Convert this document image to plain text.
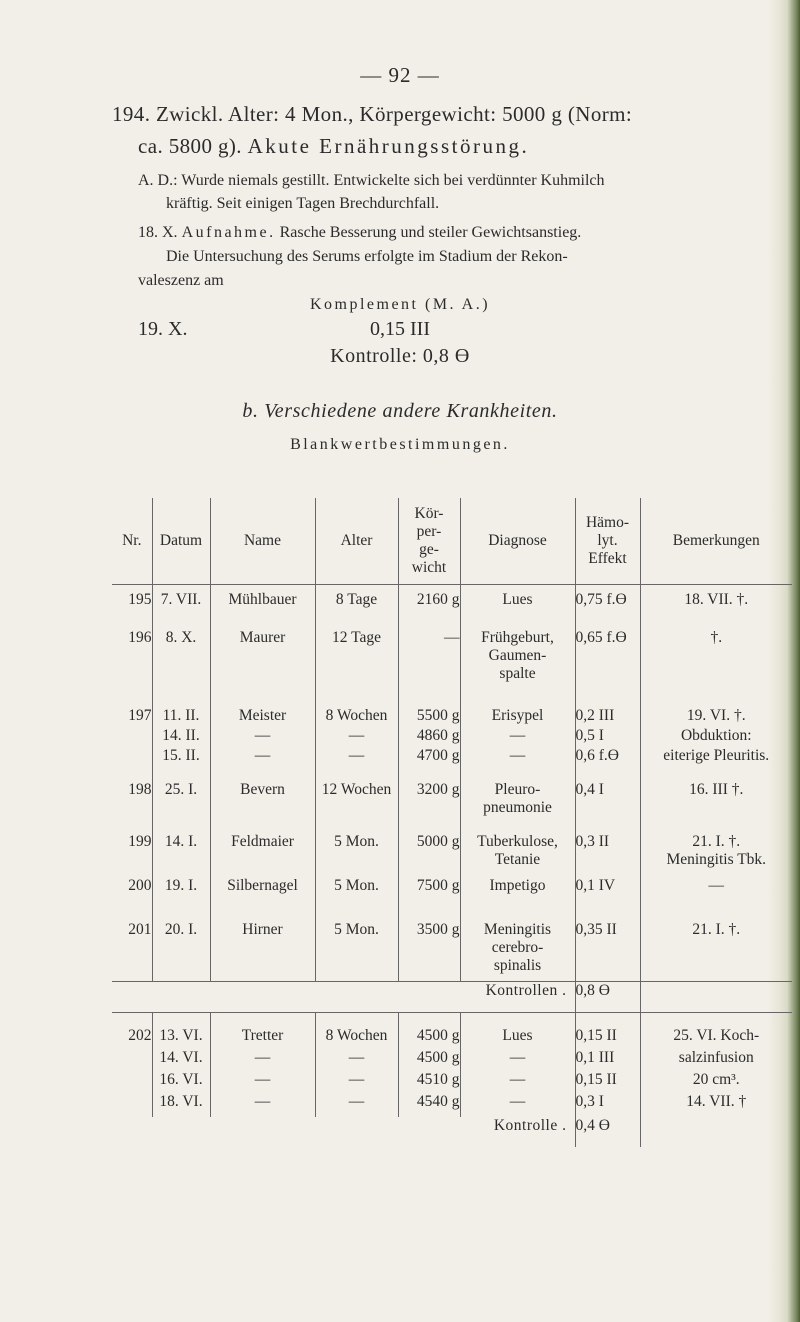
— 92 —
194. Zwickl. Alter: 4 Mon., Körpergewicht: 5000 g (Norm:
ca. 5800 g). Akute Ernährungsstörung.
A. D.: Wurde niemals gestillt. Entwickelte sich bei verdünnter Kuhmilch
kräftig. Seit einigen Tagen Brechdurchfall.
18. X. Aufnahme. Rasche Besserung und steiler Gewichtsanstieg.
Die Untersuchung des Serums erfolgte im Stadium der Rekon-
valeszenz am
Komplement (M. A.)
19. X.	0,15 III
Kontrolle: 0,8 ϴ
b. Verschiedene andere Krankheiten.
Blankwertbestimmungen.
Nr.	Datum	Name	Alter	Kör-
per-
ge-
wicht	Diagnose	Hämo-
lyt.
Effekt	Bemerkungen

195	7. VII.	Mühlbauer	8 Tage	2160 g	Lues	0,75 f.ϴ	18. VII. †.
196	8. X.	Maurer	12 Tage	—	Frühgeburt,
Gaumen-
spalte	0,65 f.ϴ	†.
197	11. II.	Meister	8 Wochen	5500 g	Erisypel	0,2 III	19. VI. †.
	14. II.	—	—	4860 g	—	0,5 I	Obduktion:
	15. II.	—	—	4700 g	—	0,6 f.ϴ	eiterige Pleuritis.
198	25. I.	Bevern	12 Wochen	3200 g	Pleuro-
pneumonie	0,4 I	16. III †.
199	14. I.	Feldmaier	5 Mon.	5000 g	Tuberkulose,
Tetanie	0,3 II	21. I. †.
Meningitis Tbk.
200	19. I.	Silbernagel	5 Mon.	7500 g	Impetigo	0,1 IV	—
201	20. I.	Hirner	5 Mon.	3500 g	Meningitis
cerebro-
spinalis	0,35 II	21. I. †.
Kontrollen .						0,8 ϴ	

202	13. VI.	Tretter	8 Wochen	4500 g	Lues	0,15 II	25. VI. Koch-
	14. VI.	—	—	4500 g	—	0,1 III	salzinfusion
	16. VI.	—	—	4510 g	—	0,15 II	20 cm³.
	18. VI.	—	—	4540 g	—	0,3 I	14. VII. †
Kontrolle .						0,4 ϴ	
